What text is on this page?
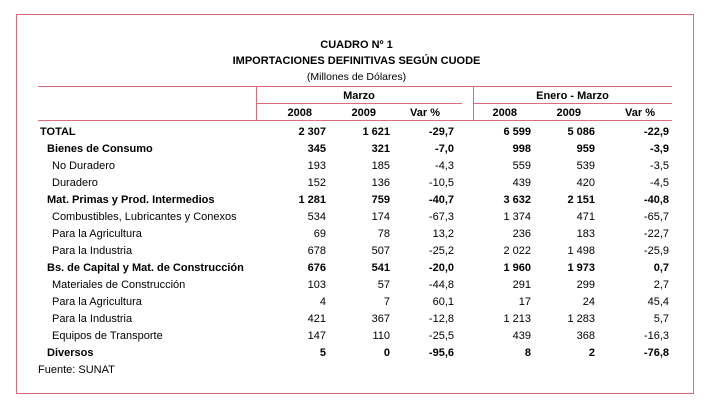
CUADRO Nº 1
IMPORTACIONES DEFINITIVAS SEGÚN CUODE
(Millones de Dólares)
Marzo	Enero - Marzo
2008	2009	Var %	2008	2009	Var %
TOTAL	2 307	1 621	-29,7	6 599	5 086	-22,9
Bienes de Consumo	345	321	-7,0	998	959	-3,9
No Duradero	193	185	-4,3	559	539	-3,5
Duradero	152	136	-10,5	439	420	-4,5
Mat. Primas y Prod. Intermedios	1 281	759	-40,7	3 632	2 151	-40,8
Combustibles, Lubricantes y Conexos	534	174	-67,3	1 374	471	-65,7
Para la Agricultura	69	78	13,2	236	183	-22,7
Para la Industria	678	507	-25,2	2 022	1 498	-25,9
Bs. de Capital y Mat. de Construcción	676	541	-20,0	1 960	1 973	0,7
Materiales de Construcción	103	57	-44,8	291	299	2,7
Para la Agricultura	4	7	60,1	17	24	45,4
Para la Industria	421	367	-12,8	1 213	1 283	5,7
Equipos de Transporte	147	110	-25,5	439	368	-16,3
Diversos	5	0	-95,6	8	2	-76,8
Fuente: SUNAT
